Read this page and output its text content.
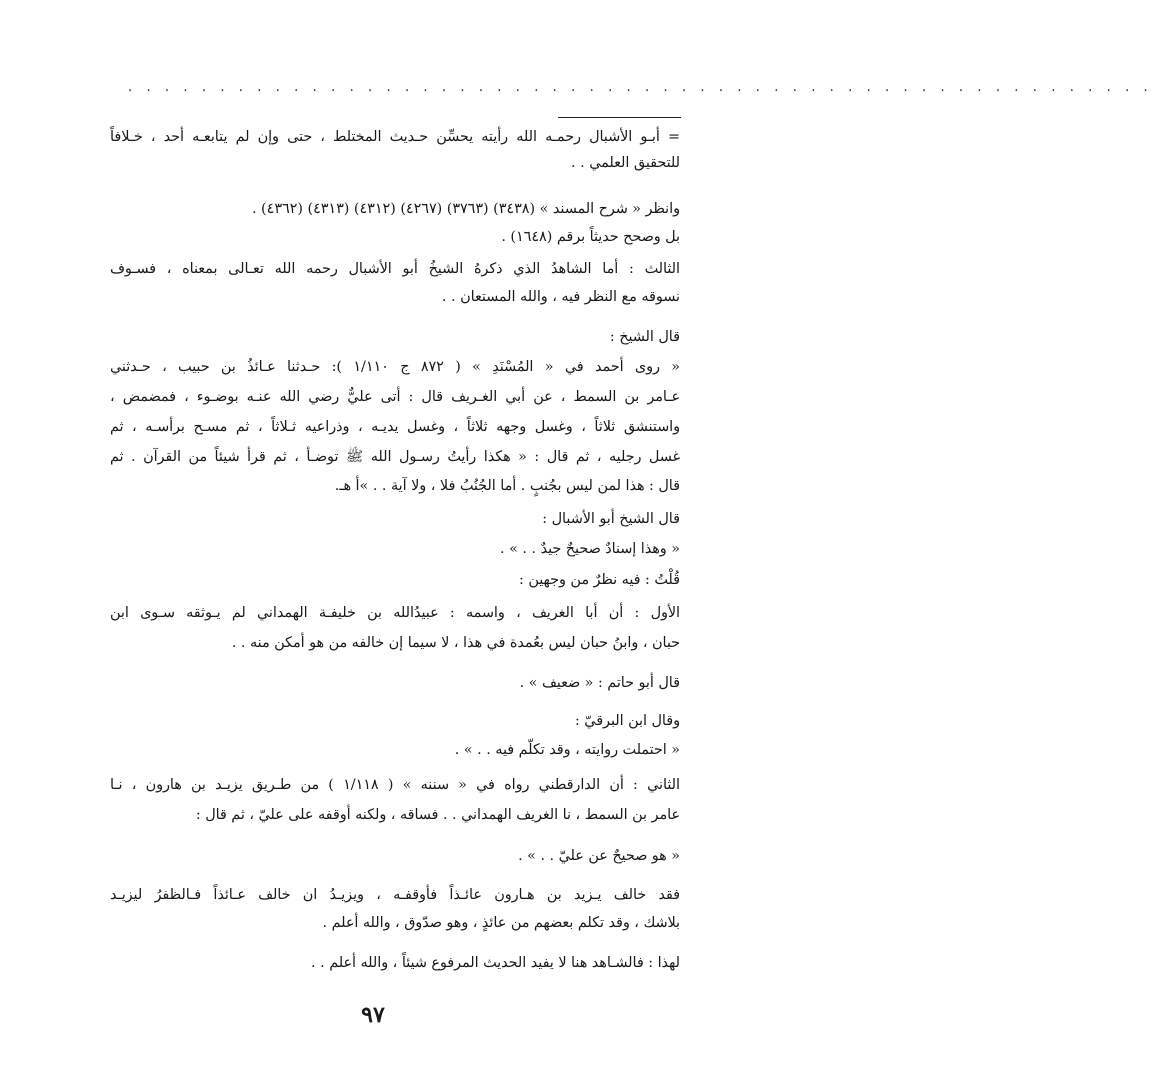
. . . . . . . . . . . . . . . . . . . . . . . . . . . . . . . . . . . . . . . . . . . . . . . . . . . . . . . .

= أبـو الأشبال رحمـه الله رأيته يحسِّن حـديث المختلط ، حتى وإن لم يتابعـه أحد ، خـلافاً

للتحقيق العلمي . .

وانظر « شرح المسند » (٣٤٣٨) (٣٧٦٣) (٤٢٦٧) (٤٣١٢) (٤٣١٣) (٤٣٦٢) .

بل وصحح حديثاً برقم (١٦٤٨) .

الثالث : أما الشاهدُ الذي ذكرهُ الشيخُ أبو الأشبال رحمه الله تعـالى بمعناه ، فسـوف

نسوقه مع النظر فيه ، والله المستعان . .

قال الشيخ :

« روى أحمد في « المُسْنَدِ » ( ٨٧٢ ج ١/١١٠ ): حـدثنا عـائذُ بن حبيب ، حـدثني

عـامر بن السمط ، عن أبي الغـريف قال : أتى عليٌّ رضي الله عنـه بوضـوء ، فمضمض ،

واستنشق ثلاثاً ، وغسل وجهه ثلاثاً ، وغسل يديـه ، وذراعيه ثـلاثاً ، ثم مسـح برأسـه ، ثم

غسل رجليه ، ثم قال : « هكذا رأيتُ رسـول الله ﷺ توضـأ ، ثم قرأ شيئاً من القرآن . ثم

قال : هذا لمن ليس بجُنبٍ . أما الجُنُبُ فلا ، ولا آية . . »أ هـ.

قال الشيخ أبو الأشبال :

« وهذا إسنادٌ صحيحٌ جيدٌ . . » .

قُلْتُ : فيه نظرٌ من وجهين :

الأول : أن أبا الغريف ، واسمه : عبيدُالله بن خليفـة الهمداني لم يـوثقه سـوى ابن

حبان ، وابنُ حبان ليس بعُمدة في هذا ، لا سيما إن خالفه من هو أمكن منه . .

قال أبو حاتم : « ضعيف » .

وقال ابن البرقيّ :

« احتملت روايته ، وقد تكلّم فيه . . » .

الثاني : أن الدارقطني رواه في « سننه » ( ١/١١٨ ) من طـريق يزيـد بن هارون ، نـا

عامر بن السمط ، نا الغريف الهمداني . . فساقه ، ولكنه أوقفه على عليّ ، ثم قال :

« هو صحيحٌ عن عليّ . . » .

فقد خالف يـزيد بن هـارون عائـذاً فأوقفـه ، ويزيـدُ ان خالف عـائذاً فـالظفرُ ليزيـد

بلاشك ، وقد تكلم بعضهم من عائذٍ ، وهو صدّوق ، والله أعلم .

لهذا : فالشـاهد هنا لا يفيد الحديث المرفوع شيئاً ، والله أعلم . .

٩٧
